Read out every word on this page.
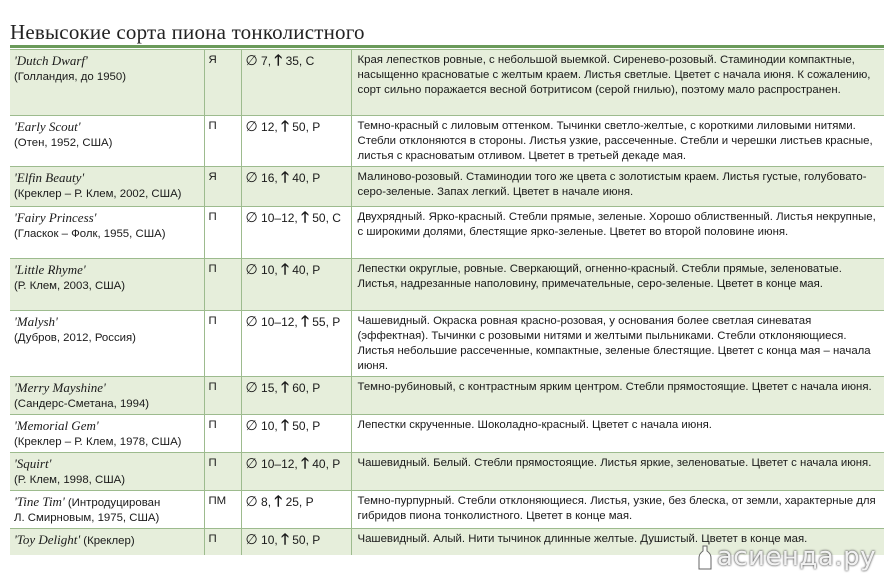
Невысокие сорта пиона тонколистного
'Dutch Dwarf'
(Голландия, до 1950)	Я	∅ 7, 🡑 35, С	Края лепестков ровные, с небольшой выемкой. Сиренево-розовый. Стаминодии компактные, насыщенно красноватые с желтым краем. Листья светлые. Цветет с начала июня. К сожалению, сорт сильно поражается весной ботритисом (серой гнилью), поэтому мало распространен.
'Early Scout'
(Отен, 1952, США)	П	∅ 12, 🡑 50, Р	Темно-красный с лиловым оттенком. Тычинки светло-желтые, с короткими лиловыми нитями. Стебли отклоняются в стороны. Листья узкие, рассеченные. Стебли и черешки листьев красные, листья с красноватым отливом. Цветет в третьей декаде мая.
'Elfin Beauty'
(Креклер – Р. Клем, 2002, США)	Я	∅ 16, 🡑 40, Р	Малиново-розовый. Стаминодии того же цвета с золотистым краем. Листья густые, голубовато-серо-зеленые. Запах легкий. Цветет в начале июня.
'Fairy Princess'
(Гласкок – Фолк, 1955, США)	П	∅ 10–12, 🡑 50, С	Двухрядный. Ярко-красный. Стебли прямые, зеленые. Хорошо облиственный. Листья некрупные, с широкими долями, блестящие ярко-зеленые. Цветет во второй половине июня.
'Little Rhyme'
(Р. Клем, 2003, США)	П	∅ 10, 🡑 40, Р	Лепестки округлые, ровные. Сверкающий, огненно-красный. Стебли прямые, зеленоватые. Листья, надрезанные наполовину, примечательные, серо-зеленые. Цветет в конце мая.
'Malysh'
(Дубров, 2012, Россия)	П	∅ 10–12, 🡑 55, Р	Чашевидный. Окраска ровная красно-розовая, у основания более светлая синеватая (эффектная). Тычинки с розовыми нитями и желтыми пыльниками. Стебли отклоняющиеся. Листья небольшие рассеченные, компактные, зеленые блестящие. Цветет с конца мая – начала июня.
'Merry Mayshine'
(Сандерс-Сметана, 1994)	П	∅ 15, 🡑 60, Р	Темно-рубиновый, с контрастным ярким центром. Стебли прямостоящие. Цветет с начала июня.
'Memorial Gem'
(Креклер – Р. Клем, 1978, США)	П	∅ 10, 🡑 50, Р	Лепестки скрученные. Шоколадно-красный. Цветет с начала июня.
'Squirt'
(Р. Клем, 1998, США)	П	∅ 10–12, 🡑 40, Р	Чашевидный. Белый. Стебли прямостоящие. Листья яркие, зеленоватые. Цветет с начала июня.
'Tine Tim' (Интродуцирован
Л. Смирновым, 1975, США)	ПМ	∅ 8, 🡑 25, Р	Темно-пурпурный. Стебли отклоняющиеся. Листья, узкие, без блеска, от земли, характерные для гибридов пиона тонколистного. Цветет в конце мая.
'Toy Delight' (Креклер)	П	∅ 10, 🡑 50, Р	Чашевидный. Алый. Нити тычинок длинные желтые. Душистый. Цветет в конце мая.
асиенда.ру
